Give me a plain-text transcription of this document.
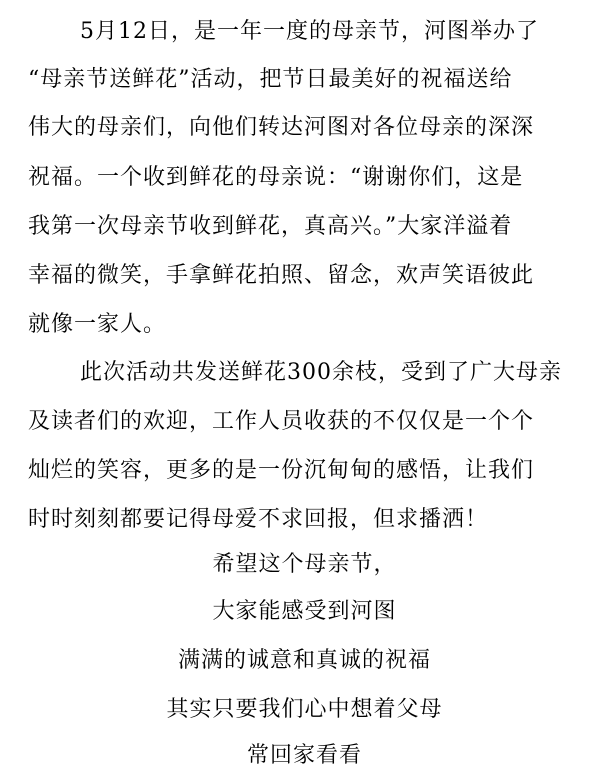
5月12日，是一年一度的母亲节，河图举办了
“母亲节送鲜花”活动，把节日最美好的祝福送给
伟大的母亲们，向他们转达河图对各位母亲的深深
祝福。一个收到鲜花的母亲说：“谢谢你们，这是
我第一次母亲节收到鲜花，真高兴。”大家洋溢着
幸福的微笑，手拿鲜花拍照、留念，欢声笑语彼此
就像一家人。
此次活动共发送鲜花300余枝，受到了广大母亲
及读者们的欢迎，工作人员收获的不仅仅是一个个
灿烂的笑容，更多的是一份沉甸甸的感悟，让我们
时时刻刻都要记得母爱不求回报，但求播洒！
希望这个母亲节，
大家能感受到河图
满满的诚意和真诚的祝福
其实只要我们心中想着父母
常回家看看
